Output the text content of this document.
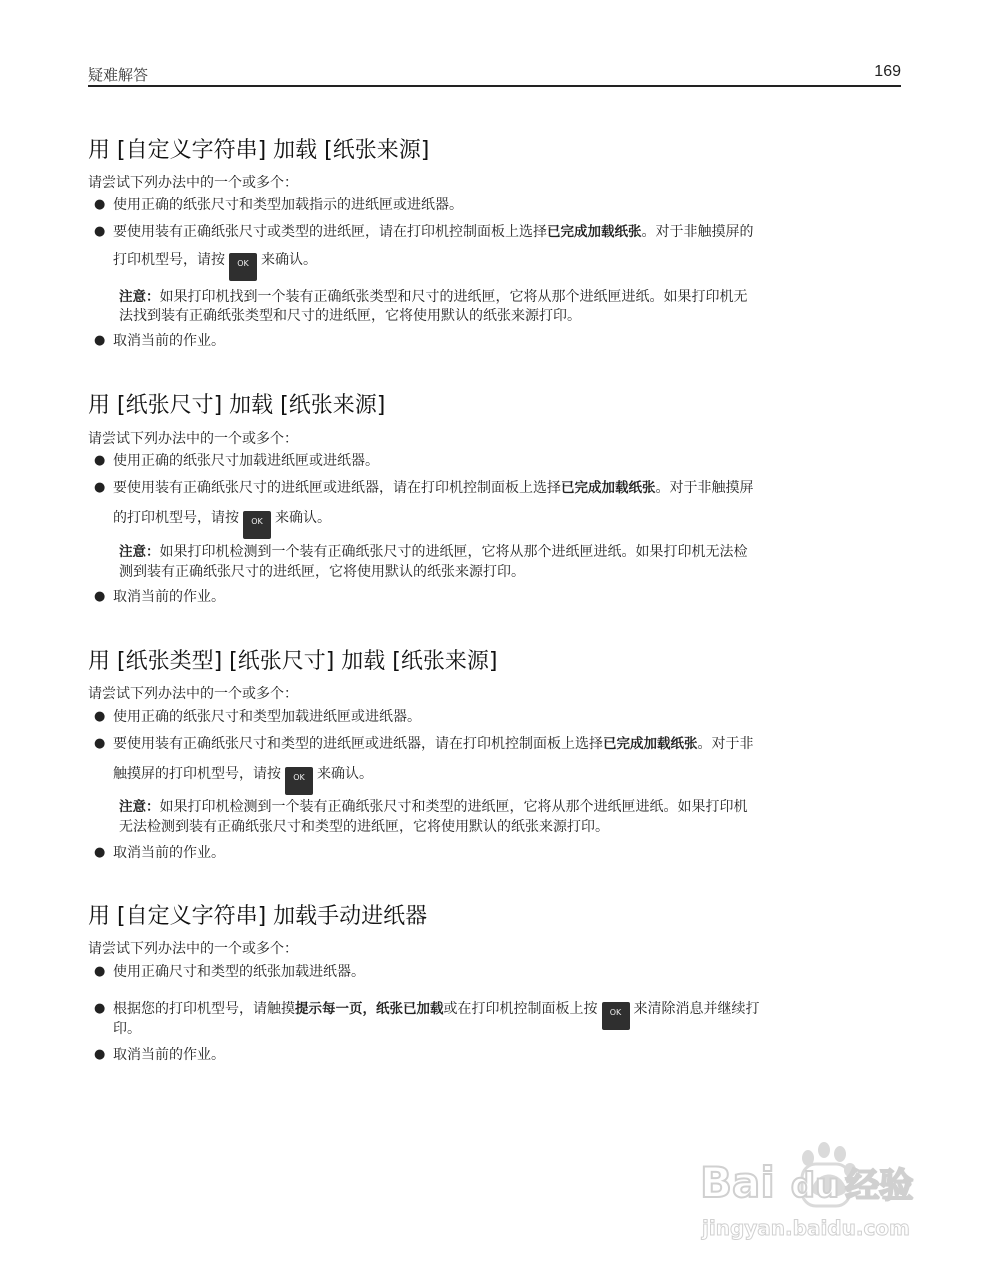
疑难解答	169
用 [自定义字符串] 加载 [纸张来源]
请尝试下列办法中的一个或多个：
● 使用正确的纸张尺寸和类型加载指示的进纸匣或进纸器。
● 要使用装有正确纸张尺寸或类型的进纸匣，请在打印机控制面板上选择已完成加载纸张。对于非触摸屏的
打印机型号，请按 OK 来确认。
注意：如果打印机找到一个装有正确纸张类型和尺寸的进纸匣，它将从那个进纸匣进纸。如果打印机无
法找到装有正确纸张类型和尺寸的进纸匣，它将使用默认的纸张来源打印。
● 取消当前的作业。
用 [纸张尺寸] 加载 [纸张来源]
请尝试下列办法中的一个或多个：
● 使用正确的纸张尺寸加载进纸匣或进纸器。
● 要使用装有正确纸张尺寸的进纸匣或进纸器，请在打印机控制面板上选择已完成加载纸张。对于非触摸屏
的打印机型号，请按 OK 来确认。
注意：如果打印机检测到一个装有正确纸张尺寸的进纸匣，它将从那个进纸匣进纸。如果打印机无法检
测到装有正确纸张尺寸的进纸匣，它将使用默认的纸张来源打印。
● 取消当前的作业。
用 [纸张类型] [纸张尺寸] 加载 [纸张来源]
请尝试下列办法中的一个或多个：
● 使用正确的纸张尺寸和类型加载进纸匣或进纸器。
● 要使用装有正确纸张尺寸和类型的进纸匣或进纸器，请在打印机控制面板上选择已完成加载纸张。对于非
触摸屏的打印机型号，请按 OK 来确认。
注意：如果打印机检测到一个装有正确纸张尺寸和类型的进纸匣，它将从那个进纸匣进纸。如果打印机
无法检测到装有正确纸张尺寸和类型的进纸匣，它将使用默认的纸张来源打印。
● 取消当前的作业。
用 [自定义字符串] 加载手动进纸器
请尝试下列办法中的一个或多个：
● 使用正确尺寸和类型的纸张加载进纸器。
● 根据您的打印机型号，请触摸提示每一页，纸张已加载或在打印机控制面板上按 OK 来清除消息并继续打
印。
● 取消当前的作业。
Bai du 经验
jingyan.baidu.com
